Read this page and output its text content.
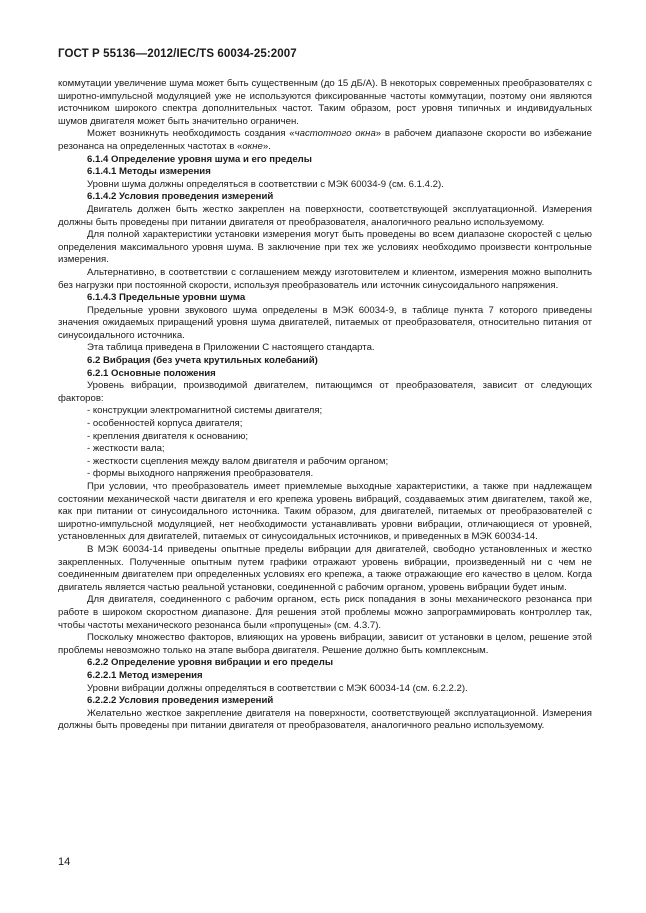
ГОСТ Р 55136—2012/IEC/TS 60034-25:2007

коммутации увеличение шума может быть существенным (до 15 дБ/А). В некоторых современных преобразователях с широтно-импульсной модуляцией уже не используются фиксированные частоты коммутации, поэтому они являются источником широкого спектра дополнительных частот. Таким образом, рост уровня типичных и индивидуальных шумов двигателя может быть значительно ограничен.

Может возникнуть необходимость создания «частотного окна» в рабочем диапазоне скорости во избежание резонанса на определенных частотах в «окне».

6.1.4 Определение уровня шума и его пределы

6.1.4.1 Методы измерения

Уровни шума должны определяться в соответствии с МЭК 60034-9 (см. 6.1.4.2).

6.1.4.2 Условия проведения измерений

Двигатель должен быть жестко закреплен на поверхности, соответствующей эксплуатационной. Измерения должны быть проведены при питании двигателя от преобразователя, аналогичного реально используемому.

Для полной характеристики установки измерения могут быть проведены во всем диапазоне скоростей с целью определения максимального уровня шума. В заключение при тех же условиях необходимо произвести контрольные измерения.

Альтернативно, в соответствии с соглашением между изготовителем и клиентом, измерения можно выполнить без нагрузки при постоянной скорости, используя преобразователь или источник синусоидального напряжения.

6.1.4.3 Предельные уровни шума

Предельные уровни звукового шума определены в МЭК 60034-9, в таблице пункта 7 которого приведены значения ожидаемых приращений уровня шума двигателей, питаемых от преобразователя, относительно питания от синусоидального источника.

Эта таблица приведена в Приложении С настоящего стандарта.

6.2 Вибрация (без учета крутильных колебаний)

6.2.1 Основные положения

Уровень вибрации, производимой двигателем, питающимся от преобразователя, зависит от следующих факторов:

- конструкции электромагнитной системы двигателя;

- особенностей корпуса двигателя;

- крепления двигателя к основанию;

- жесткости вала;

- жесткости сцепления между валом двигателя и рабочим органом;

- формы выходного напряжения преобразователя.

При условии, что преобразователь имеет приемлемые выходные характеристики, а также при надлежащем состоянии механической части двигателя и его крепежа уровень вибраций, создаваемых этим двигателем, такой же, как при питании от синусоидального источника. Таким образом, для двигателей, питаемых от преобразователей с широтно-импульсной модуляцией, нет необходимости устанавливать уровни вибрации, отличающиеся от уровней, установленных для двигателей, питаемых от синусоидальных источников, и приведенных в МЭК 60034-14.

В МЭК 60034-14 приведены опытные пределы вибрации для двигателей, свободно установленных и жестко закрепленных. Полученные опытным путем графики отражают уровень вибрации, произведенный ни с чем не соединенным двигателем при определенных условиях его крепежа, а также отражающие его качество в целом. Когда двигатель является частью реальной установки, соединенной с рабочим органом, уровень вибрации будет иным.

Для двигателя, соединенного с рабочим органом, есть риск попадания в зоны механического резонанса при работе в широком скоростном диапазоне. Для решения этой проблемы можно запрограммировать контроллер так, чтобы частоты механического резонанса были «пропущены» (см. 4.3.7).

Поскольку множество факторов, влияющих на уровень вибрации, зависит от установки в целом, решение этой проблемы невозможно только на этапе выбора двигателя. Решение должно быть комплексным.

6.2.2 Определение уровня вибрации и его пределы

6.2.2.1 Метод измерения

Уровни вибрации должны определяться в соответствии с МЭК 60034-14 (см. 6.2.2.2).

6.2.2.2 Условия проведения измерений

Желательно жесткое закрепление двигателя на поверхности, соответствующей эксплуатационной. Измерения должны быть проведены при питании двигателя от преобразователя, аналогичного реально используемому.

14
